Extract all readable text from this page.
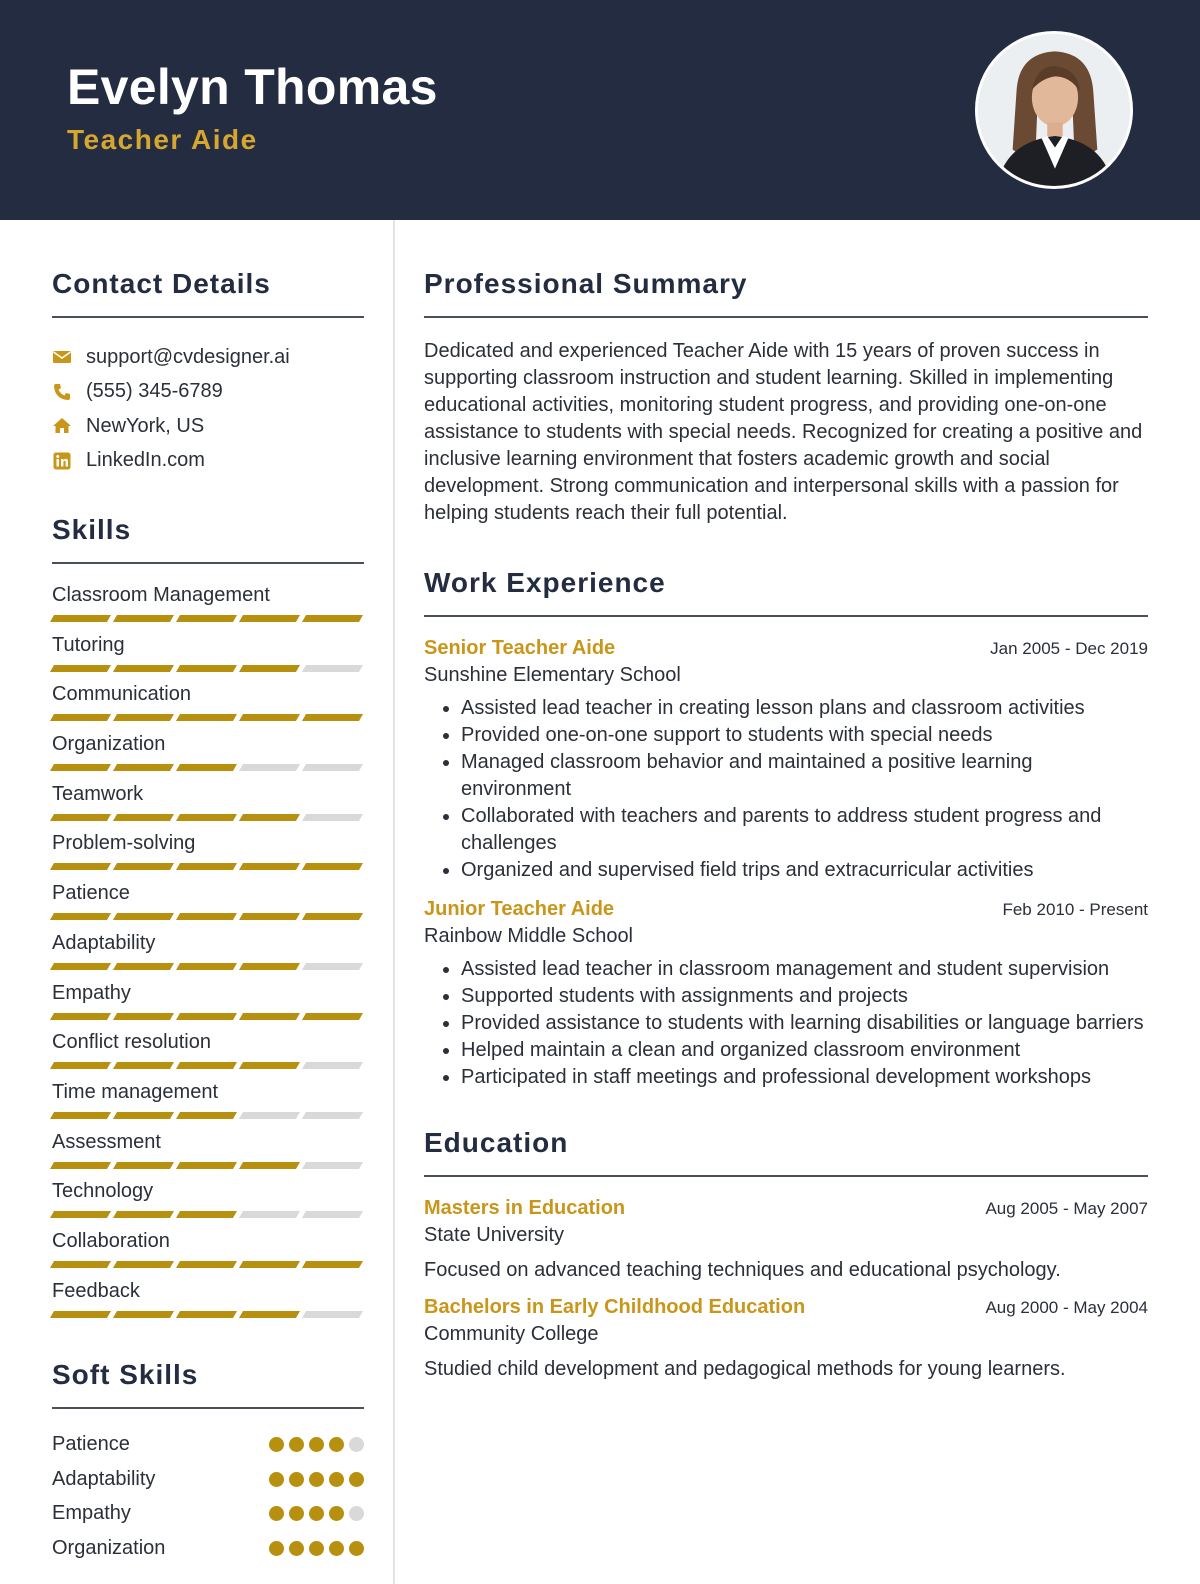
Evelyn Thomas
Teacher Aide
Contact Details
support@cvdesigner.ai
(555) 345-6789
NewYork, US
LinkedIn.com
Skills
Classroom Management
Tutoring
Communication
Organization
Teamwork
Problem-solving
Patience
Adaptability
Empathy
Conflict resolution
Time management
Assessment
Technology
Collaboration
Feedback
Soft Skills
Patience
Adaptability
Empathy
Organization
Professional Summary

Dedicated and experienced Teacher Aide with 15 years of proven success in supporting classroom instruction and student learning. Skilled in implementing educational activities, monitoring student progress, and providing one-on-one assistance to students with special needs. Recognized for creating a positive and inclusive learning environment that fosters academic growth and social development. Strong communication and interpersonal skills with a passion for helping students reach their full potential.

Work Experience
Senior Teacher Aide	Jan 2005 - Dec 2019
Sunshine Elementary School
• Assisted lead teacher in creating lesson plans and classroom activities
• Provided one-on-one support to students with special needs
• Managed classroom behavior and maintained a positive learning environment
• Collaborated with teachers and parents to address student progress and challenges
• Organized and supervised field trips and extracurricular activities
Junior Teacher Aide	Feb 2010 - Present
Rainbow Middle School
• Assisted lead teacher in classroom management and student supervision
• Supported students with assignments and projects
• Provided assistance to students with learning disabilities or language barriers
• Helped maintain a clean and organized classroom environment
• Participated in staff meetings and professional development workshops
Education
Masters in Education	Aug 2005 - May 2007
State University
Focused on advanced teaching techniques and educational psychology.
Bachelors in Early Childhood Education	Aug 2000 - May 2004
Community College
Studied child development and pedagogical methods for young learners.
